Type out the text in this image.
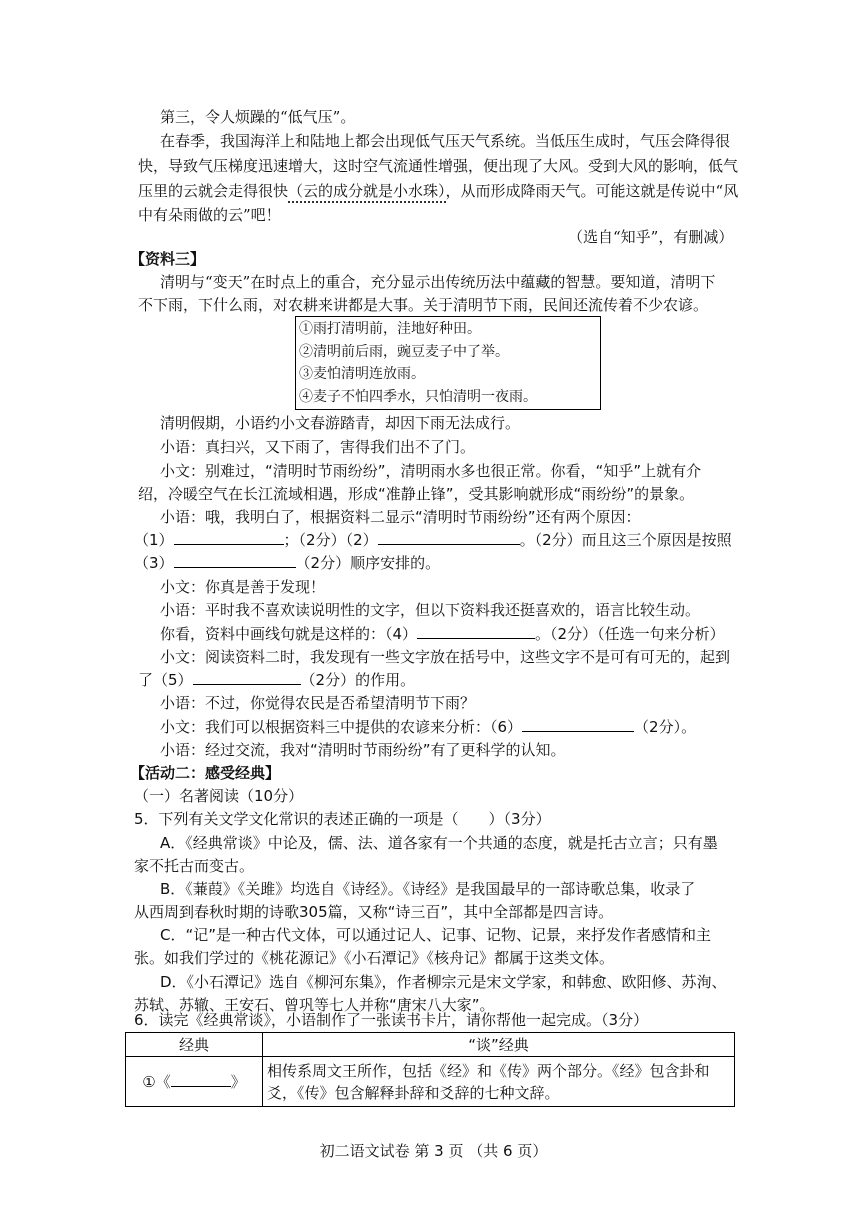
第三，令人烦躁的“低气压”。
在春季，我国海洋上和陆地上都会出现低气压天气系统。当低压生成时，气压会降得很
快，导致气压梯度迅速增大，这时空气流通性增强，便出现了大风。受到大风的影响，低气
压里的云就会走得很快（云的成分就是小水珠），从而形成降雨天气。可能这就是传说中“风
中有朵雨做的云”吧！
（选自“知乎”，有删减）
【资料三】
清明与“变天”在时点上的重合，充分显示出传统历法中蕴藏的智慧。要知道，清明下
不下雨，下什么雨，对农耕来讲都是大事。关于清明节下雨，民间还流传着不少农谚。
①雨打清明前，洼地好种田。
②清明前后雨，豌豆麦子中了举。
③麦怕清明连放雨。
④麦子不怕四季水，只怕清明一夜雨。
清明假期，小语约小文春游踏青，却因下雨无法成行。
小语：真扫兴，又下雨了，害得我们出不了门。
小文：别难过，“清明时节雨纷纷”，清明雨水多也很正常。你看，“知乎”上就有介
绍，冷暖空气在长江流域相遇，形成“准静止锋”，受其影响就形成“雨纷纷”的景象。
小语：哦，我明白了，根据资料二显示“清明时节雨纷纷”还有两个原因：
（1）	；（2分）（2）	。（2分）而且这三个原因是按照
（3）	（2分）顺序安排的。
小文：你真是善于发现！
小语：平时我不喜欢读说明性的文字，但以下资料我还挺喜欢的，语言比较生动。
你看，资料中画线句就是这样的：（4）	。（2分）（任选一句来分析）
小文：阅读资料二时，我发现有一些文字放在括号中，这些文字不是可有可无的，起到
了（5）	（2分）的作用。
小语：不过，你觉得农民是否希望清明节下雨？
小文：我们可以根据资料三中提供的农谚来分析：（6）	（2分）。
小语：经过交流，我对“清明时节雨纷纷”有了更科学的认知。
【活动二：感受经典】
（一）名著阅读（10分）
5．下列有关文学文化常识的表述正确的一项是（　　）（3分）
A．《经典常谈》中论及，儒、法、道各家有一个共通的态度，就是托古立言；只有墨
家不托古而变古。
B．《蒹葭》《关雎》均选自《诗经》。《诗经》是我国最早的一部诗歌总集，收录了
从西周到春秋时期的诗歌305篇，又称“诗三百”，其中全部都是四言诗。
C．“记”是一种古代文体，可以通过记人、记事、记物、记景，来抒发作者感情和主
张。如我们学过的《桃花源记》《小石潭记》《核舟记》都属于这类文体。
D．《小石潭记》选自《柳河东集》，作者柳宗元是宋文学家，和韩愈、欧阳修、苏洵、
苏轼、苏辙、王安石、曾巩等七人并称“唐宋八大家”。
6．读完《经典常谈》，小语制作了一张读书卡片，请你帮他一起完成。（3分）
经典	“谈”经典
①《 》	相传系周文王所作，包括《经》和《传》两个部分。《经》包含卦和
爻，《传》包含解释卦辞和爻辞的七种文辞。
初二语文试卷 第 3 页 （共 6 页）
